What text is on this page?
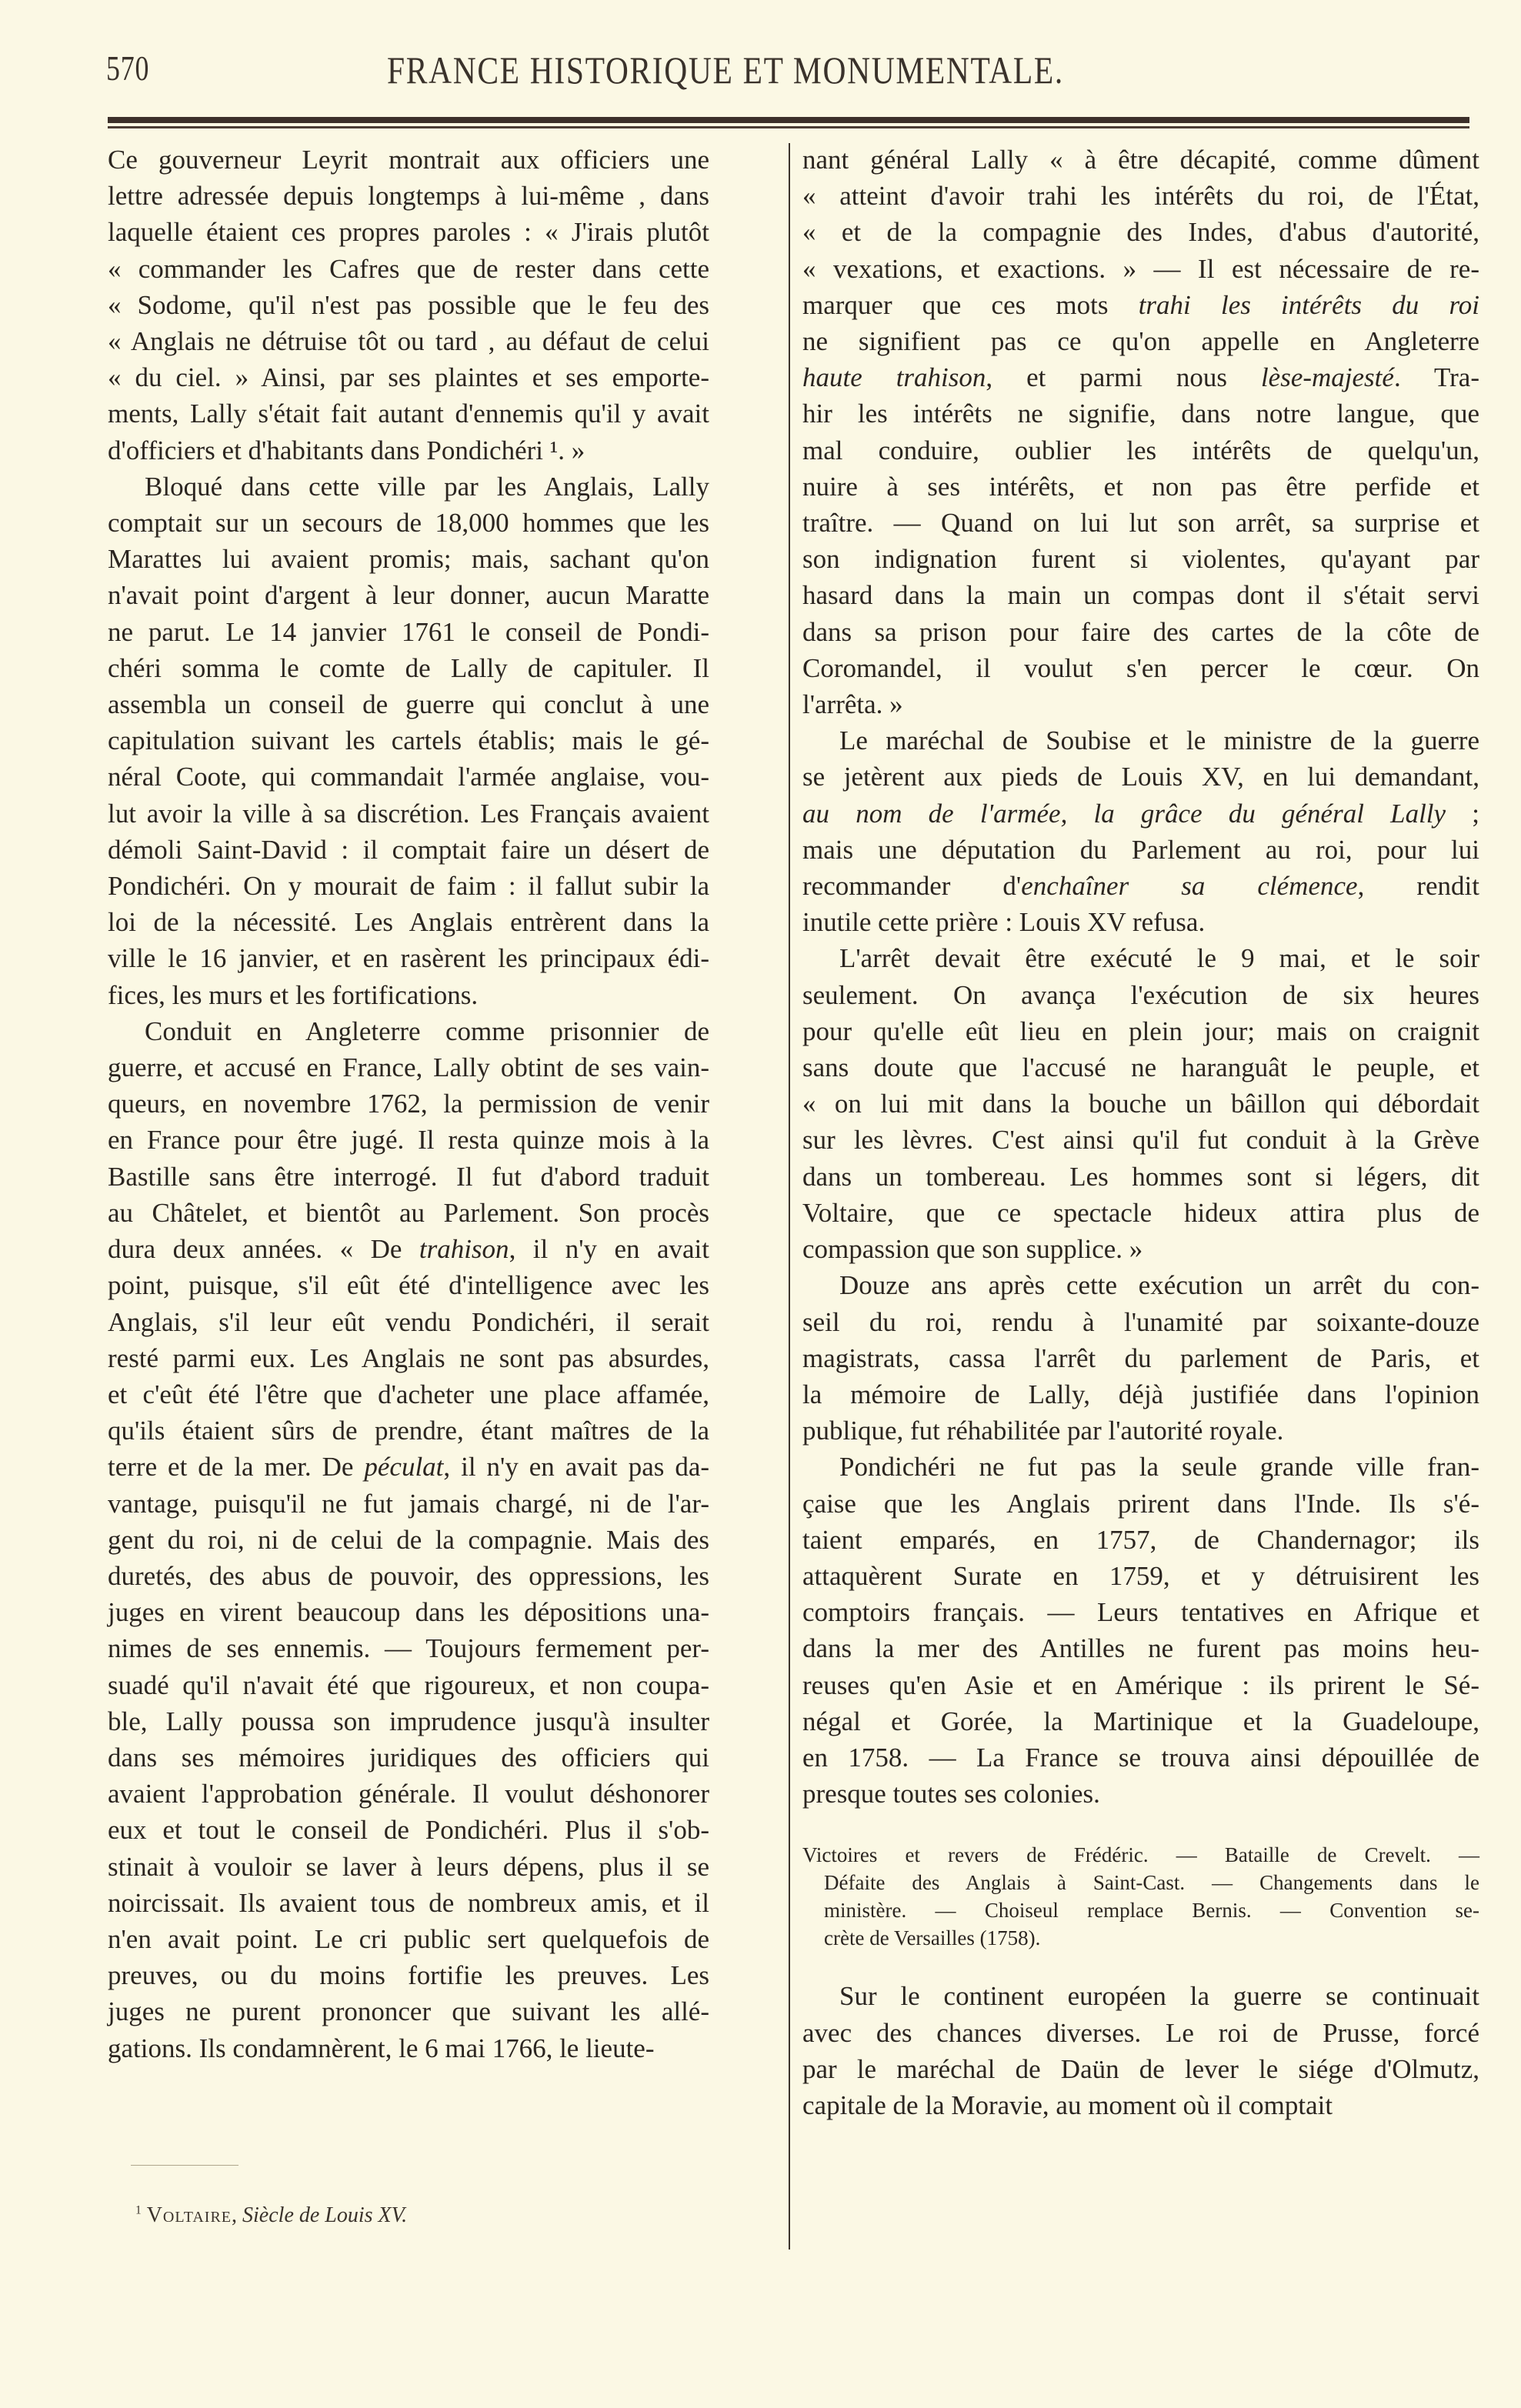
570	FRANCE HISTORIQUE ET MONUMENTALE.

Ce gouverneur Leyrit montrait aux officiers une
lettre adressée depuis longtemps à lui-même , dans
laquelle étaient ces propres paroles : « J'irais plutôt
« commander les Cafres que de rester dans cette
« Sodome, qu'il n'est pas possible que le feu des
« Anglais ne détruise tôt ou tard , au défaut de celui
« du ciel. » Ainsi, par ses plaintes et ses emporte-
ments, Lally s'était fait autant d'ennemis qu'il y avait
d'officiers et d'habitants dans Pondichéri ¹. »

Bloqué dans cette ville par les Anglais, Lally
comptait sur un secours de 18,000 hommes que les
Marattes lui avaient promis; mais, sachant qu'on
n'avait point d'argent à leur donner, aucun Maratte
ne parut. Le 14 janvier 1761 le conseil de Pondi-
chéri somma le comte de Lally de capituler. Il
assembla un conseil de guerre qui conclut à une
capitulation suivant les cartels établis; mais le gé-
néral Coote, qui commandait l'armée anglaise, vou-
lut avoir la ville à sa discrétion. Les Français avaient
démoli Saint-David : il comptait faire un désert de
Pondichéri. On y mourait de faim : il fallut subir la
loi de la nécessité. Les Anglais entrèrent dans la
ville le 16 janvier, et en rasèrent les principaux édi-
fices, les murs et les fortifications.

Conduit en Angleterre comme prisonnier de
guerre, et accusé en France, Lally obtint de ses vain-
queurs, en novembre 1762, la permission de venir
en France pour être jugé. Il resta quinze mois à la
Bastille sans être interrogé. Il fut d'abord traduit
au Châtelet, et bientôt au Parlement. Son procès
dura deux années. « De trahison, il n'y en avait
point, puisque, s'il eût été d'intelligence avec les
Anglais, s'il leur eût vendu Pondichéri, il serait
resté parmi eux. Les Anglais ne sont pas absurdes,
et c'eût été l'être que d'acheter une place affamée,
qu'ils étaient sûrs de prendre, étant maîtres de la
terre et de la mer. De péculat, il n'y en avait pas da-
vantage, puisqu'il ne fut jamais chargé, ni de l'ar-
gent du roi, ni de celui de la compagnie. Mais des
duretés, des abus de pouvoir, des oppressions, les
juges en virent beaucoup dans les dépositions una-
nimes de ses ennemis. — Toujours fermement per-
suadé qu'il n'avait été que rigoureux, et non coupa-
ble, Lally poussa son imprudence jusqu'à insulter
dans ses mémoires juridiques des officiers qui
avaient l'approbation générale. Il voulut déshonorer
eux et tout le conseil de Pondichéri. Plus il s'ob-
stinait à vouloir se laver à leurs dépens, plus il se
noircissait. Ils avaient tous de nombreux amis, et il
n'en avait point. Le cri public sert quelquefois de
preuves, ou du moins fortifie les preuves. Les
juges ne purent prononcer que suivant les allé-
gations. Ils condamnèrent, le 6 mai 1766, le lieute-

nant général Lally « à être décapité, comme dûment
« atteint d'avoir trahi les intérêts du roi, de l'État,
« et de la compagnie des Indes, d'abus d'autorité,
« vexations, et exactions. » — Il est nécessaire de re-
marquer que ces mots trahi les intérêts du roi
ne signifient pas ce qu'on appelle en Angleterre
haute trahison, et parmi nous lèse-majesté. Tra-
hir les intérêts ne signifie, dans notre langue, que
mal conduire, oublier les intérêts de quelqu'un,
nuire à ses intérêts, et non pas être perfide et
traître. — Quand on lui lut son arrêt, sa surprise et
son indignation furent si violentes, qu'ayant par
hasard dans la main un compas dont il s'était servi
dans sa prison pour faire des cartes de la côte de
Coromandel, il voulut s'en percer le cœur. On
l'arrêta. »

Le maréchal de Soubise et le ministre de la guerre
se jetèrent aux pieds de Louis XV, en lui demandant,
au nom de l'armée, la grâce du général Lally ;
mais une députation du Parlement au roi, pour lui
recommander d'enchaîner sa clémence, rendit
inutile cette prière : Louis XV refusa.

L'arrêt devait être exécuté le 9 mai, et le soir
seulement. On avança l'exécution de six heures
pour qu'elle eût lieu en plein jour; mais on craignit
sans doute que l'accusé ne haranguât le peuple, et
« on lui mit dans la bouche un bâillon qui débordait
sur les lèvres. C'est ainsi qu'il fut conduit à la Grève
dans un tombereau. Les hommes sont si légers, dit
Voltaire, que ce spectacle hideux attira plus de
compassion que son supplice. »

Douze ans après cette exécution un arrêt du con-
seil du roi, rendu à l'unamité par soixante-douze
magistrats, cassa l'arrêt du parlement de Paris, et
la mémoire de Lally, déjà justifiée dans l'opinion
publique, fut réhabilitée par l'autorité royale.

Pondichéri ne fut pas la seule grande ville fran-
çaise que les Anglais prirent dans l'Inde. Ils s'é-
taient emparés, en 1757, de Chandernagor; ils
attaquèrent Surate en 1759, et y détruisirent les
comptoirs français. — Leurs tentatives en Afrique et
dans la mer des Antilles ne furent pas moins heu-
reuses qu'en Asie et en Amérique : ils prirent le Sé-
négal et Gorée, la Martinique et la Guadeloupe,
en 1758. — La France se trouva ainsi dépouillée de
presque toutes ses colonies.

Victoires et revers de Frédéric. — Bataille de Crevelt. —
Défaite des Anglais à Saint-Cast. — Changements dans le
ministère. — Choiseul remplace Bernis. — Convention se-
crète de Versailles (1758).

Sur le continent européen la guerre se continuait
avec des chances diverses. Le roi de Prusse, forcé
par le maréchal de Daün de lever le siége d'Olmutz,
capitale de la Moravie, au moment où il comptait

$^1$ Voltaire, Siècle de Louis XV.
